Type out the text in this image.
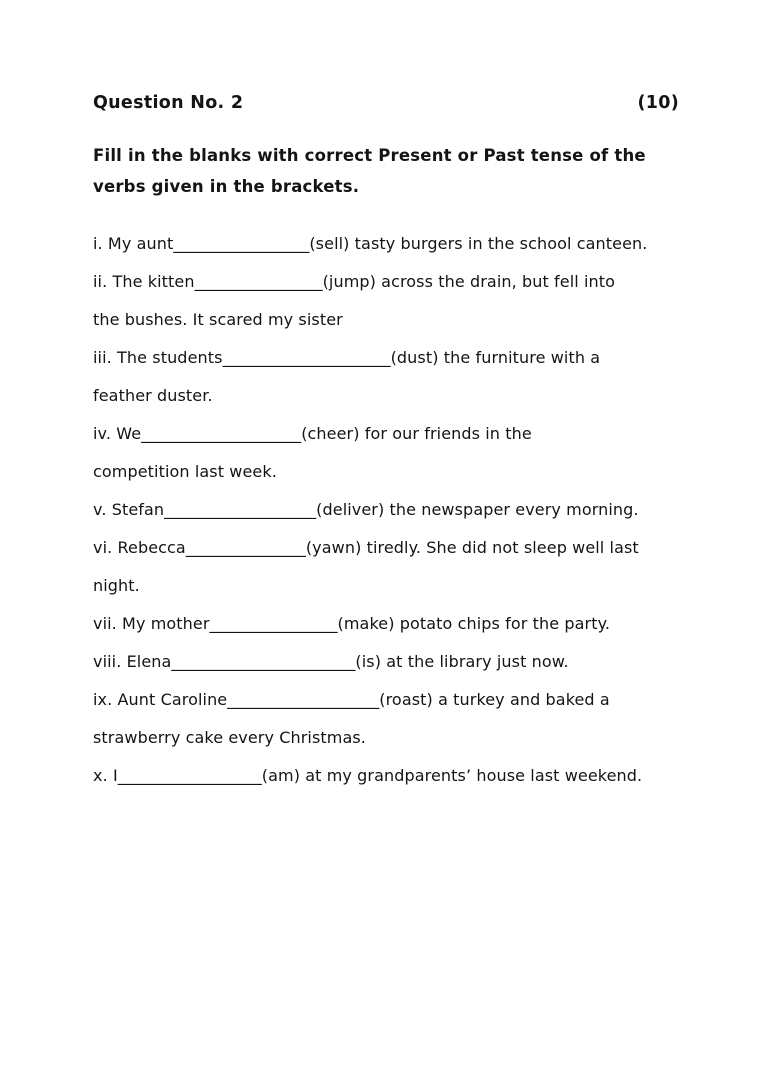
Question No. 2	(10)
Fill in the blanks with correct Present or Past tense of the
verbs given in the brackets.
i. My aunt_________________(sell) tasty burgers in the school canteen.
ii. The kitten________________(jump) across the drain, but fell into
the bushes. It scared my sister
iii. The students_____________________(dust) the furniture with a
feather duster.
iv. We____________________(cheer) for our friends in the
competition last week.
v. Stefan___________________(deliver) the newspaper every morning.
vi. Rebecca_______________(yawn) tiredly. She did not sleep well last
night.
vii. My mother________________(make) potato chips for the party.
viii. Elena_______________________(is) at the library just now.
ix. Aunt Caroline___________________(roast) a turkey and baked a
strawberry cake every Christmas.
x. I__________________(am) at my grandparents’ house last weekend.
